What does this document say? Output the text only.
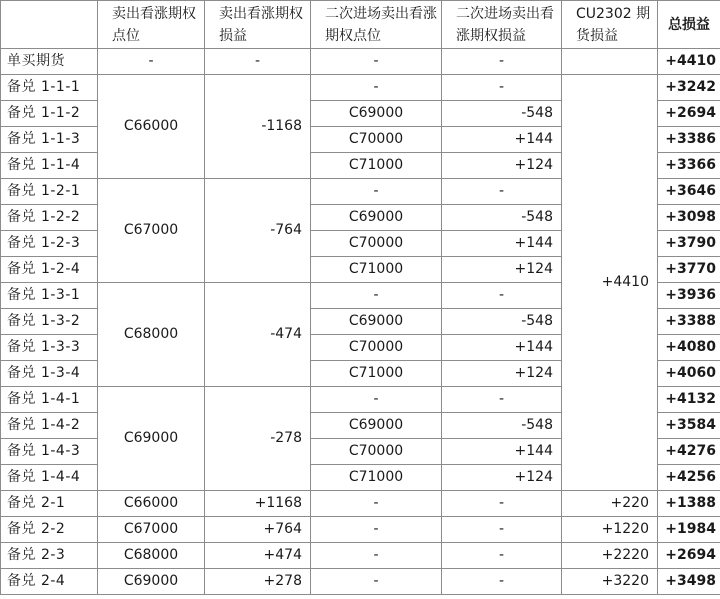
	卖出看涨期权点位	卖出看涨期权损益	二次进场卖出看涨期权点位	二次进场卖出看涨期权损益	CU2302 期货损益	总损益
单买期货	-	-	-	-		+4410
备兑 1-1-1	C66000	-1168	-	-	+4410	+3242
备兑 1-1-2			C69000	-548		+2694
备兑 1-1-3			C70000	+144		+3386
备兑 1-1-4			C71000	+124		+3366
备兑 1-2-1	C67000	-764	-	-		+3646
备兑 1-2-2			C69000	-548		+3098
备兑 1-2-3			C70000	+144		+3790
备兑 1-2-4			C71000	+124		+3770
备兑 1-3-1	C68000	-474	-	-		+3936
备兑 1-3-2			C69000	-548		+3388
备兑 1-3-3			C70000	+144		+4080
备兑 1-3-4			C71000	+124		+4060
备兑 1-4-1	C69000	-278	-	-		+4132
备兑 1-4-2			C69000	-548		+3584
备兑 1-4-3			C70000	+144		+4276
备兑 1-4-4			C71000	+124		+4256
备兑 2-1	C66000	+1168	-	-	+220	+1388
备兑 2-2	C67000	+764	-	-	+1220	+1984
备兑 2-3	C68000	+474	-	-	+2220	+2694
备兑 2-4	C69000	+278	-	-	+3220	+3498
